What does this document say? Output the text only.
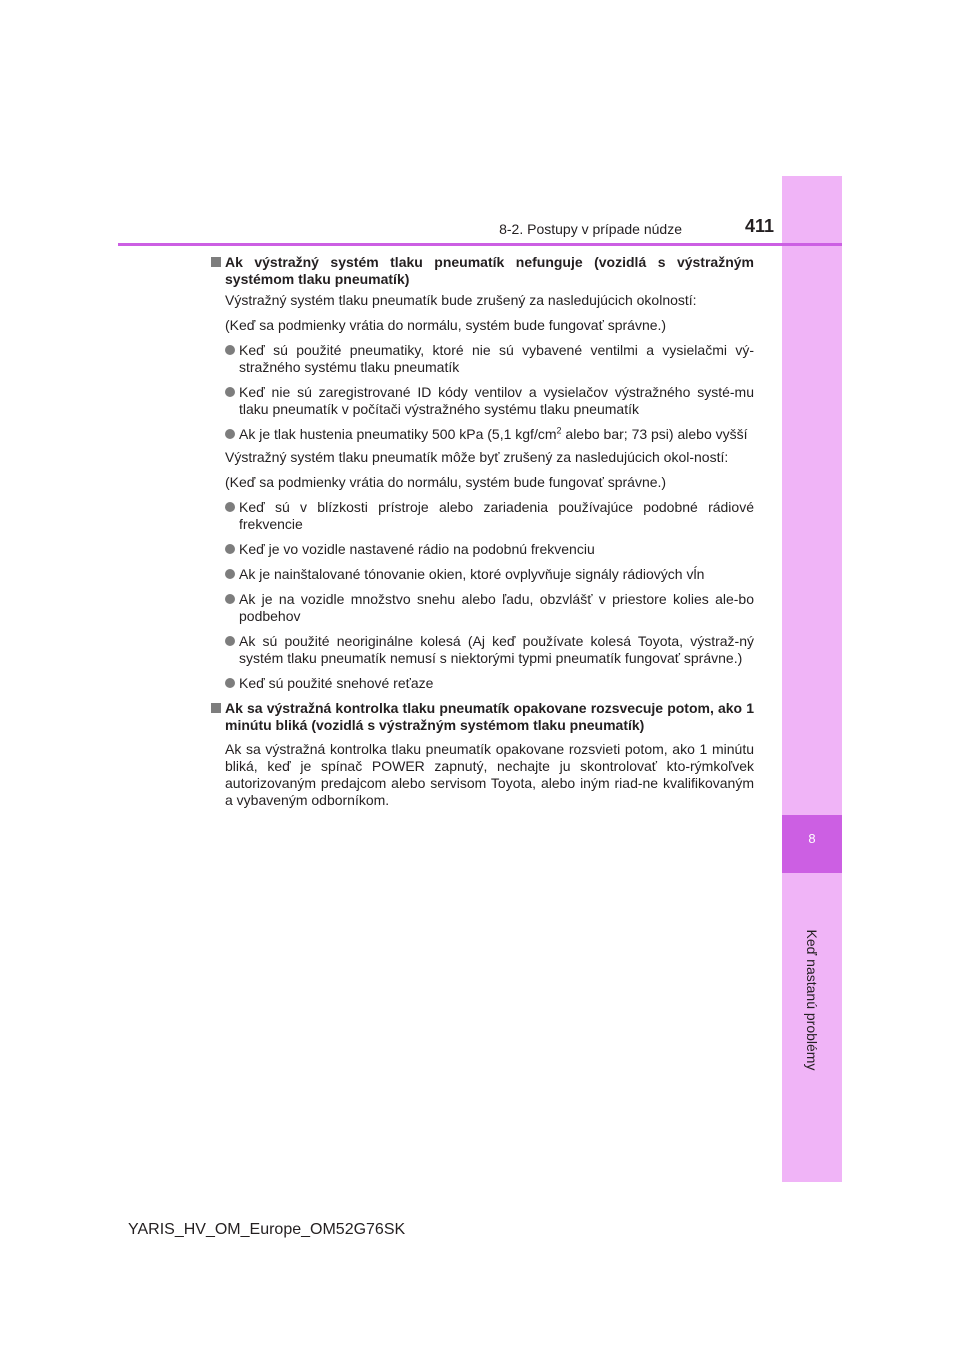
8
Keď nastanú problémy
8-2. Postupy v prípade núdze	411
Ak výstražný systém tlaku pneumatík nefunguje (vozidlá s výstražným systémom tlaku pneumatík)
Výstražný systém tlaku pneumatík bude zrušený za nasledujúcich okolností:
(Keď sa podmienky vrátia do normálu, systém bude fungovať správne.)
Keď sú použité pneumatiky, ktoré nie sú vybavené ventilmi a vysielačmi vý-stražného systému tlaku pneumatík
Keď nie sú zaregistrované ID kódy ventilov a vysielačov výstražného systé-mu tlaku pneumatík v počítači výstražného systému tlaku pneumatík
Ak je tlak hustenia pneumatiky 500 kPa (5,1 kgf/$cm^2$ alebo bar; 73 psi) alebo vyšší
Výstražný systém tlaku pneumatík môže byť zrušený za nasledujúcich okol-ností:
(Keď sa podmienky vrátia do normálu, systém bude fungovať správne.)
Keď sú v blízkosti prístroje alebo zariadenia používajúce podobné rádiové frekvencie
Keď je vo vozidle nastavené rádio na podobnú frekvenciu
Ak je nainštalované tónovanie okien, ktoré ovplyvňuje signály rádiových vĺn
Ak je na vozidle množstvo snehu alebo ľadu, obzvlášť v priestore kolies ale-bo podbehov
Ak sú použité neoriginálne kolesá (Aj keď používate kolesá Toyota, výstraž-ný systém tlaku pneumatík nemusí s niektorými typmi pneumatík fungovať správne.)
Keď sú použité snehové reťaze
Ak sa výstražná kontrolka tlaku pneumatík opakovane rozsvecuje potom, ako 1 minútu bliká (vozidlá s výstražným systémom tlaku pneumatík)
Ak sa výstražná kontrolka tlaku pneumatík opakovane rozsvieti potom, ako 1 minútu bliká, keď je spínač POWER zapnutý, nechajte ju skontrolovať kto-rýmkoľvek autorizovaným predajcom alebo servisom Toyota, alebo iným riad-ne kvalifikovaným a vybaveným odborníkom.
YARIS_HV_OM_Europe_OM52G76SK
